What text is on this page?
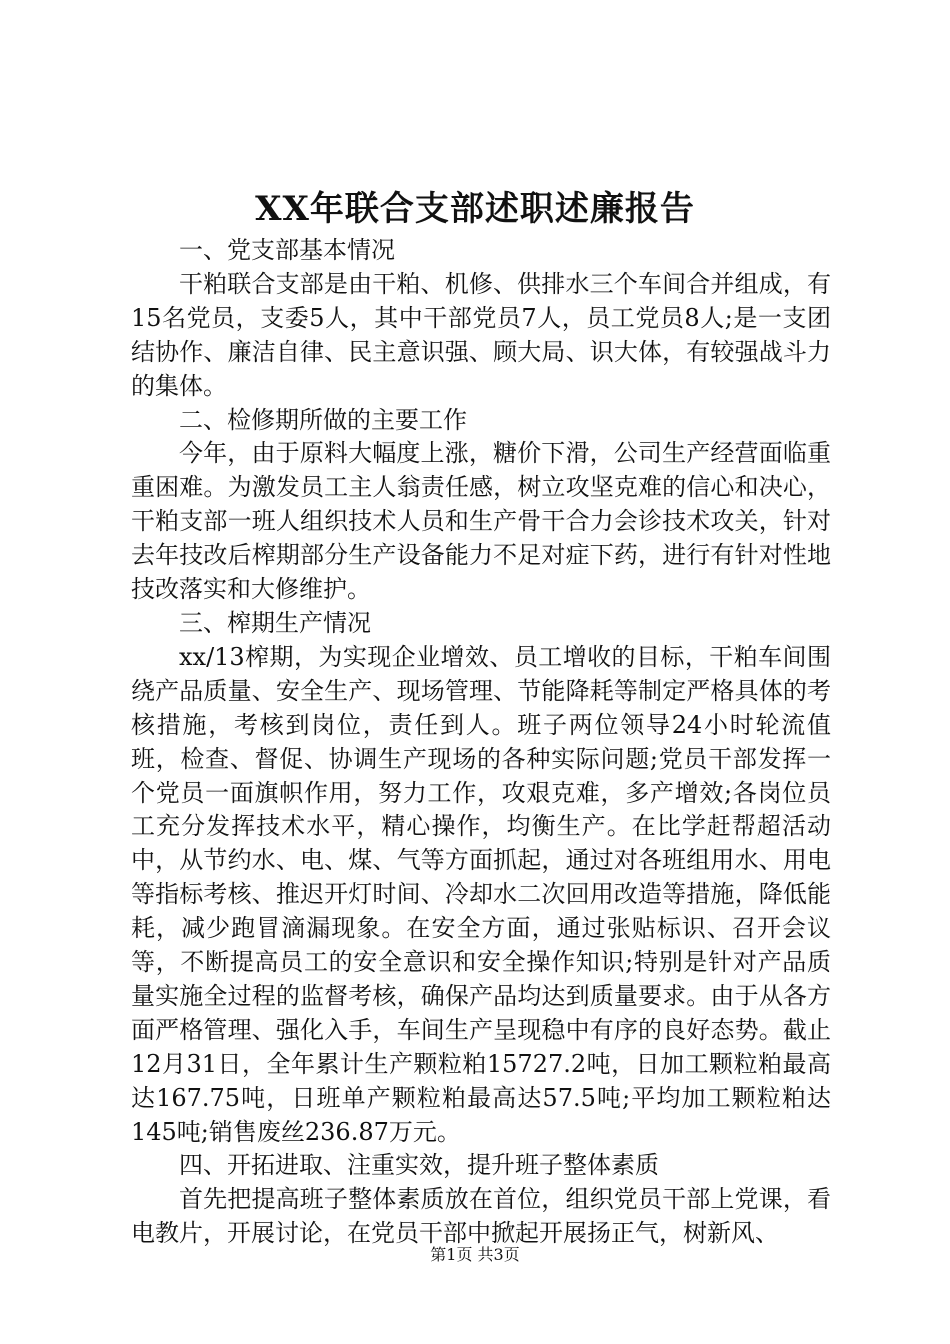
XX年联合支部述职述廉报告

一、党支部基本情况

干粕联合支部是由干粕、机修、供排水三个车间合并组成，有15名党员，支委5人，其中干部党员7人，员工党员8人;是一支团结协作、廉洁自律、民主意识强、顾大局、识大体，有较强战斗力的集体。

二、检修期所做的主要工作

今年，由于原料大幅度上涨，糖价下滑，公司生产经营面临重重困难。为激发员工主人翁责任感，树立攻坚克难的信心和决心，干粕支部一班人组织技术人员和生产骨干合力会诊技术攻关，针对去年技改后榨期部分生产设备能力不足对症下药，进行有针对性地技改落实和大修维护。

三、榨期生产情况

xx/13榨期，为实现企业增效、员工增收的目标，干粕车间围绕产品质量、安全生产、现场管理、节能降耗等制定严格具体的考核措施，考核到岗位，责任到人。班子两位领导24小时轮流值班，检查、督促、协调生产现场的各种实际问题;党员干部发挥一个党员一面旗帜作用，努力工作，攻艰克难，多产增效;各岗位员工充分发挥技术水平，精心操作，均衡生产。在比学赶帮超活动中，从节约水、电、煤、气等方面抓起，通过对各班组用水、用电等指标考核、推迟开灯时间、冷却水二次回用改造等措施，降低能耗，减少跑冒滴漏现象。在安全方面，通过张贴标识、召开会议等，不断提高员工的安全意识和安全操作知识;特别是针对产品质量实施全过程的监督考核，确保产品均达到质量要求。由于从各方面严格管理、强化入手，车间生产呈现稳中有序的良好态势。截止12月31日，全年累计生产颗粒粕15727.2吨，日加工颗粒粕最高达167.75吨，日班单产颗粒粕最高达57.5吨;平均加工颗粒粕达145吨;销售废丝236.87万元。

四、开拓进取、注重实效，提升班子整体素质

首先把提高班子整体素质放在首位，组织党员干部上党课，看电教片，开展讨论，在党员干部中掀起开展扬正气，树新风、

第1页 共3页
